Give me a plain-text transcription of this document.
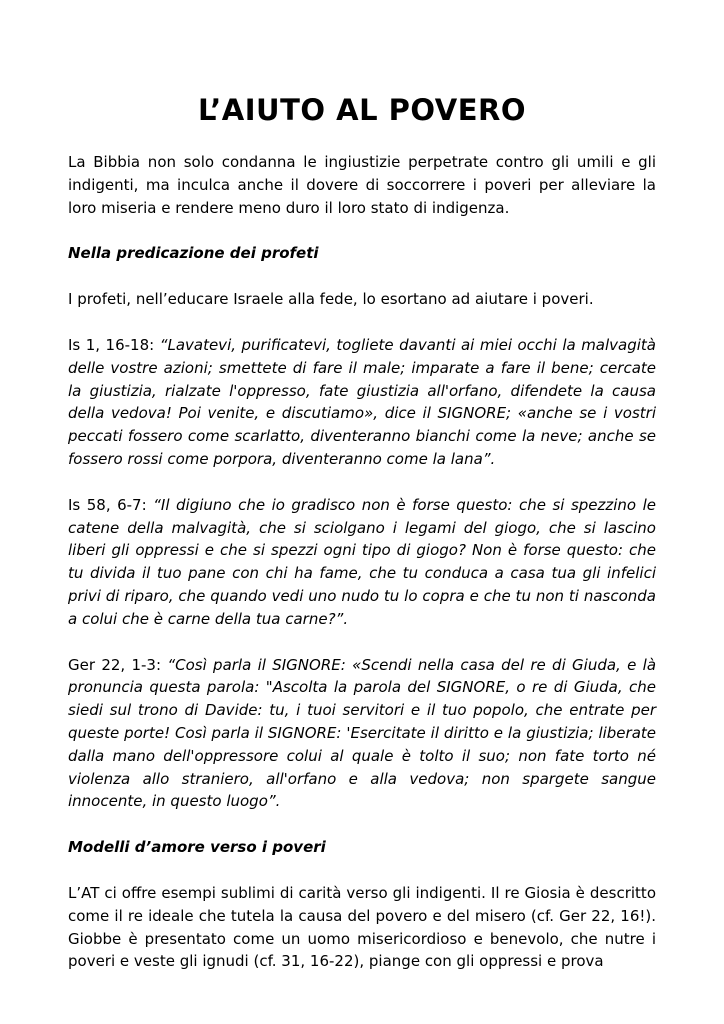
L’AIUTO AL POVERO

La Bibbia non solo condanna le ingiustizie perpetrate contro gli umili e gli indigenti, ma inculca anche il dovere di soccorrere i poveri per alleviare la loro miseria e rendere meno duro il loro stato di indigenza.

Nella predicazione dei profeti

I profeti, nell’educare Israele alla fede, lo esortano ad aiutare i poveri.

Is 1, 16-18: “Lavatevi, purificatevi, togliete davanti ai miei occhi la malvagità delle vostre azioni; smettete di fare il male; imparate a fare il bene; cercate la giustizia, rialzate l'oppresso, fate giustizia all'orfano, difendete la causa della vedova! Poi venite, e discutiamo», dice il SIGNORE; «anche se i vostri peccati fossero come scarlatto, diventeranno bianchi come la neve; anche se fossero rossi come porpora, diventeranno come la lana”.

Is 58, 6-7: “Il digiuno che io gradisco non è forse questo: che si spezzino le catene della malvagità, che si sciolgano i legami del giogo, che si lascino liberi gli oppressi e che si spezzi ogni tipo di giogo? Non è forse questo: che tu divida il tuo pane con chi ha fame, che tu conduca a casa tua gli infelici privi di riparo, che quando vedi uno nudo tu lo copra e che tu non ti nasconda a colui che è carne della tua carne?”.

Ger 22, 1-3: “Così parla il SIGNORE: «Scendi nella casa del re di Giuda, e là pronuncia questa parola: "Ascolta la parola del SIGNORE, o re di Giuda, che siedi sul trono di Davide: tu, i tuoi servitori e il tuo popolo, che entrate per queste porte! Così parla il SIGNORE: 'Esercitate il diritto e la giustizia; liberate dalla mano dell'oppressore colui al quale è tolto il suo; non fate torto né violenza allo straniero, all'orfano e alla vedova; non spargete sangue innocente, in questo luogo”.

Modelli d’amore verso i poveri

L’AT ci offre esempi sublimi di carità verso gli indigenti. Il re Giosia è descritto come il re ideale che tutela la causa del povero e del misero (cf. Ger 22, 16!). Giobbe è presentato come un uomo misericordioso e benevolo, che nutre i poveri e veste gli ignudi (cf. 31, 16-22), piange con gli oppressi e prova
